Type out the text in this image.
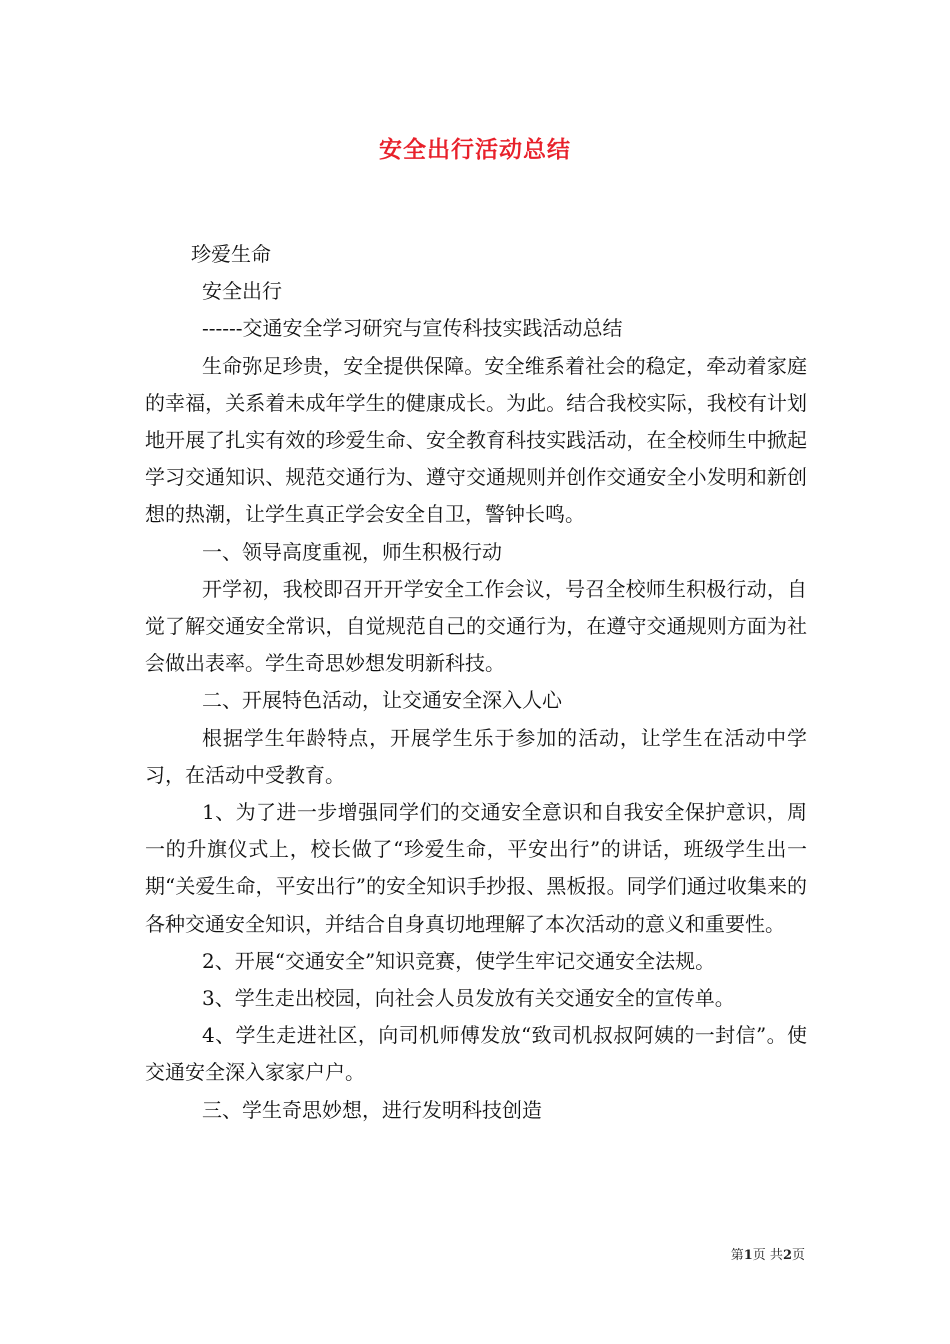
安全出行活动总结

珍爱生命

安全出行

------交通安全学习研究与宣传科技实践活动总结

生命弥足珍贵，安全提供保障。安全维系着社会的稳定，牵动着家庭的幸福，关系着未成年学生的健康成长。为此。结合我校实际，我校有计划地开展了扎实有效的珍爱生命、安全教育科技实践活动，在全校师生中掀起学习交通知识、规范交通行为、遵守交通规则并创作交通安全小发明和新创想的热潮，让学生真正学会安全自卫，警钟长鸣。

一、领导高度重视，师生积极行动

开学初，我校即召开开学安全工作会议，号召全校师生积极行动，自觉了解交通安全常识，自觉规范自己的交通行为，在遵守交通规则方面为社会做出表率。学生奇思妙想发明新科技。

二、开展特色活动，让交通安全深入人心

根据学生年龄特点，开展学生乐于参加的活动，让学生在活动中学习，在活动中受教育。

1、为了进一步增强同学们的交通安全意识和自我安全保护意识，周一的升旗仪式上，校长做了“珍爱生命，平安出行”的讲话，班级学生出一期“关爱生命，平安出行”的安全知识手抄报、黑板报。同学们通过收集来的各种交通安全知识，并结合自身真切地理解了本次活动的意义和重要性。

2、开展“交通安全”知识竞赛，使学生牢记交通安全法规。

3、学生走出校园，向社会人员发放有关交通安全的宣传单。

4、学生走进社区，向司机师傅发放“致司机叔叔阿姨的一封信”。使交通安全深入家家户户。

三、学生奇思妙想，进行发明科技创造

第1页 共2页
